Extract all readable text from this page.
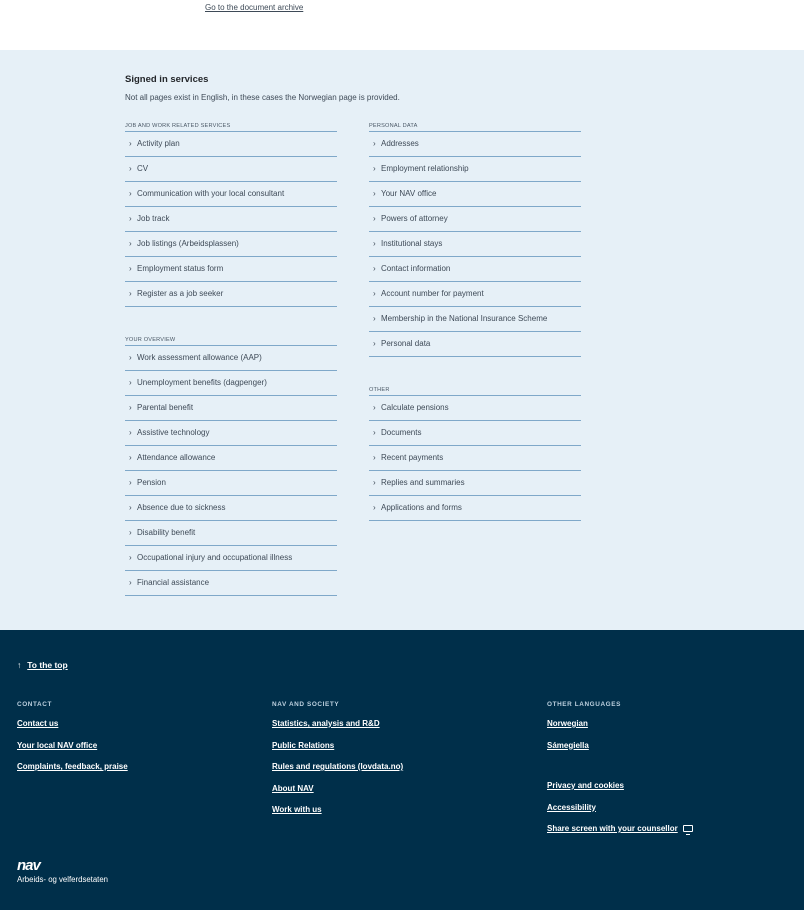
Go to the document archive
Signed in services
Not all pages exist in English, in these cases the Norwegian page is provided.
JOB AND WORK RELATED SERVICES
› Activity plan
› CV
› Communication with your local consultant
› Job track
› Job listings (Arbeidsplassen)
› Employment status form
› Register as a job seeker
YOUR OVERVIEW
› Work assessment allowance (AAP)
› Unemployment benefits (dagpenger)
› Parental benefit
› Assistive technology
› Attendance allowance
› Pension
› Absence due to sickness
› Disability benefit
› Occupational injury and occupational illness
› Financial assistance
PERSONAL DATA
› Addresses
› Employment relationship
› Your NAV office
› Powers of attorney
› Institutional stays
› Contact information
› Account number for payment
› Membership in the National Insurance Scheme
› Personal data
OTHER
› Calculate pensions
› Documents
› Recent payments
› Replies and summaries
› Applications and forms
↑ To the top
CONTACT
Contact us
Your local NAV office
Complaints, feedback, praise
NAV AND SOCIETY
Statistics, analysis and R&D
Public Relations
Rules and regulations (lovdata.no)
About NAV
Work with us
OTHER LANGUAGES
Norwegian
Sámegiella
Privacy and cookies
Accessibility
Share screen with your counsellor
nav
Arbeids- og velferdsetaten
